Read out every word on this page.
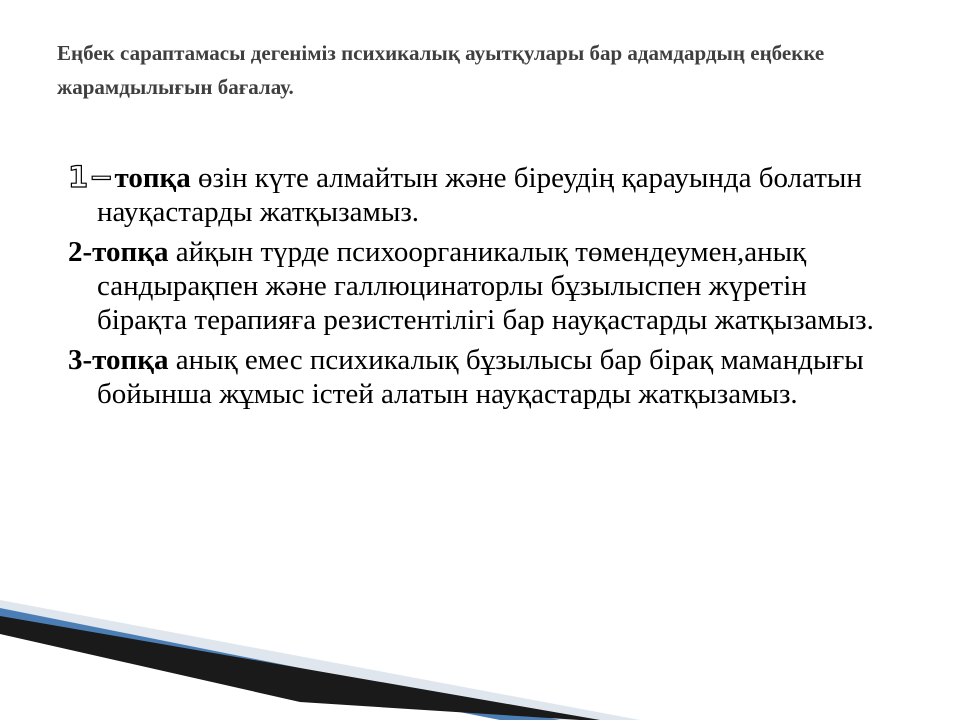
Еңбек сараптамасы дегеніміз психикалық ауытқулары бар адамдардың еңбекке жарамдылығын бағалау.

1−топқа өзін күте алмайтын және біреудің қарауында болатын науқастарды жатқызамыз.

2-топқа айқын түрде психоорганикалық төмендеумен,анық сандырақпен және галлюцинаторлы бұзылыспен жүретін бірақта терапияға резистентілігі бар науқастарды жатқызамыз.

3-топқа анық емес психикалық бұзылысы бар бірақ мамандығы бойынша жұмыс істей алатын науқастарды жатқызамыз.
